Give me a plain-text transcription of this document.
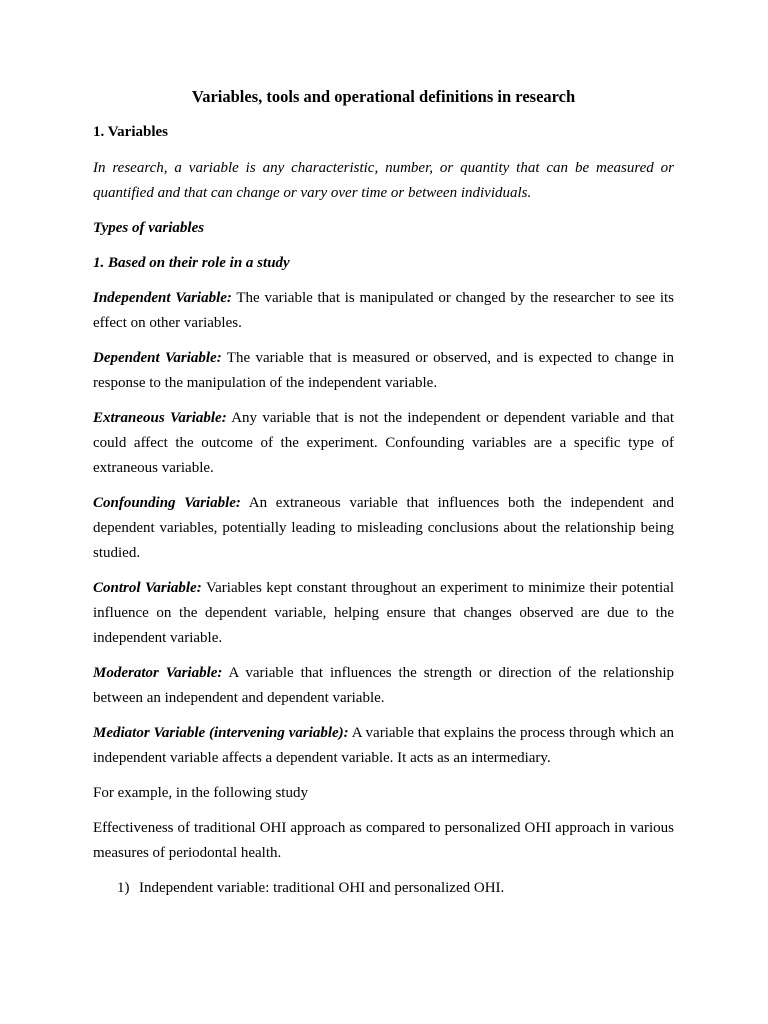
Variables, tools and operational definitions in research
1. Variables

In research, a variable is any characteristic, number, or quantity that can be measured or quantified and that can change or vary over time or between individuals.

Types of variables

1. Based on their role in a study

Independent Variable: The variable that is manipulated or changed by the researcher to see its effect on other variables.

Dependent Variable: The variable that is measured or observed, and is expected to change in response to the manipulation of the independent variable.

Extraneous Variable: Any variable that is not the independent or dependent variable and that could affect the outcome of the experiment. Confounding variables are a specific type of extraneous variable.

Confounding Variable: An extraneous variable that influences both the independent and dependent variables, potentially leading to misleading conclusions about the relationship being studied.

Control Variable: Variables kept constant throughout an experiment to minimize their potential influence on the dependent variable, helping ensure that changes observed are due to the independent variable.

Moderator Variable: A variable that influences the strength or direction of the relationship between an independent and dependent variable.

Mediator Variable (intervening variable): A variable that explains the process through which an independent variable affects a dependent variable. It acts as an intermediary.

For example, in the following study

Effectiveness of traditional OHI approach as compared to personalized OHI approach in various measures of periodontal health.

1) Independent variable: traditional OHI and personalized OHI.
